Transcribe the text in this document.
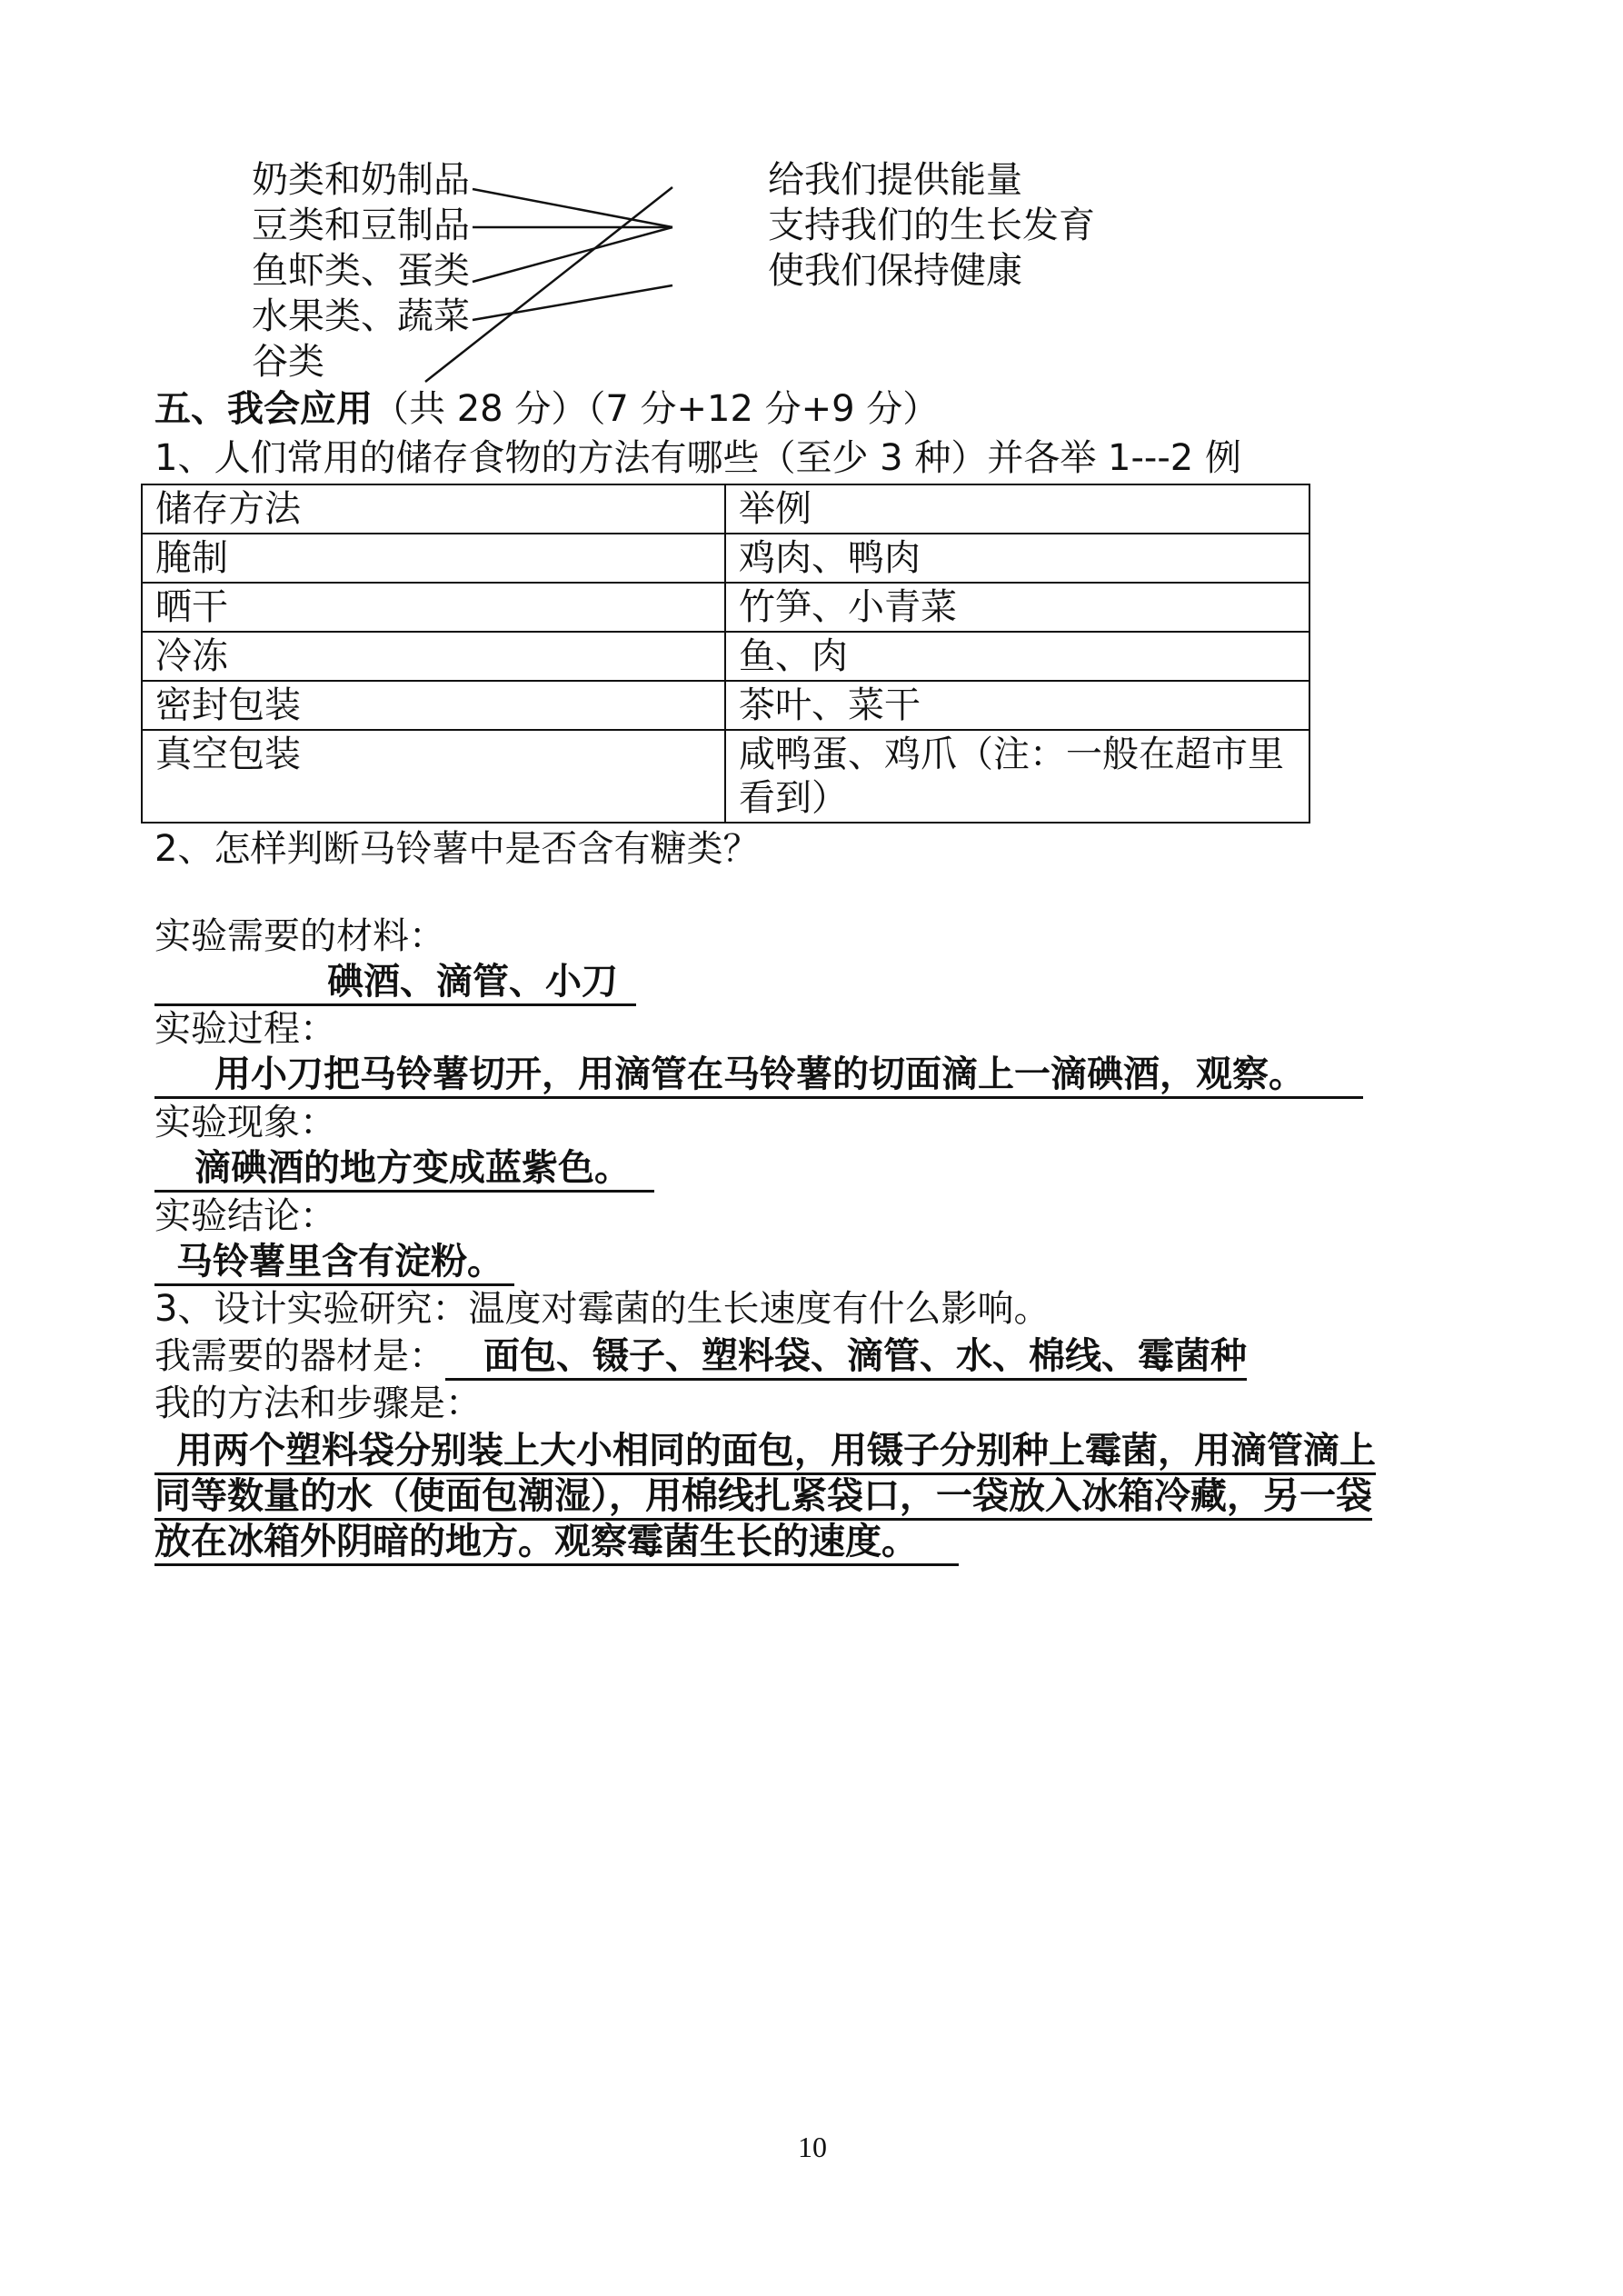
奶类和奶制品
豆类和豆制品
鱼虾类、蛋类
水果类、蔬菜
谷类
给我们提供能量
支持我们的生长发育
使我们保持健康
五、我会应用（共 28 分）（7 分+12 分+9 分）
1、人们常用的储存食物的方法有哪些（至少 3 种）并各举 1---2 例
储存方法	举例
腌制	鸡肉、鸭肉
晒干	竹笋、小青菜
冷冻	鱼、肉
密封包装	茶叶、菜干
真空包装	咸鸭蛋、鸡爪（注：一般在超市里看到）
2、怎样判断马铃薯中是否含有糖类？
实验需要的材料：
碘酒、滴管、小刀
实验过程：
用小刀把马铃薯切开，用滴管在马铃薯的切面滴上一滴碘酒，观察。
实验现象：
滴碘酒的地方变成蓝紫色。
实验结论：
马铃薯里含有淀粉。
3、设计实验研究：温度对霉菌的生长速度有什么影响。
我需要的器材是： 面包、镊子、塑料袋、滴管、水、棉线、霉菌种
我的方法和步骤是：
用两个塑料袋分别装上大小相同的面包，用镊子分别种上霉菌，用滴管滴上
同等数量的水（使面包潮湿），用棉线扎紧袋口，一袋放入冰箱冷藏，另一袋
放在冰箱外阴暗的地方。观察霉菌生长的速度。
10
